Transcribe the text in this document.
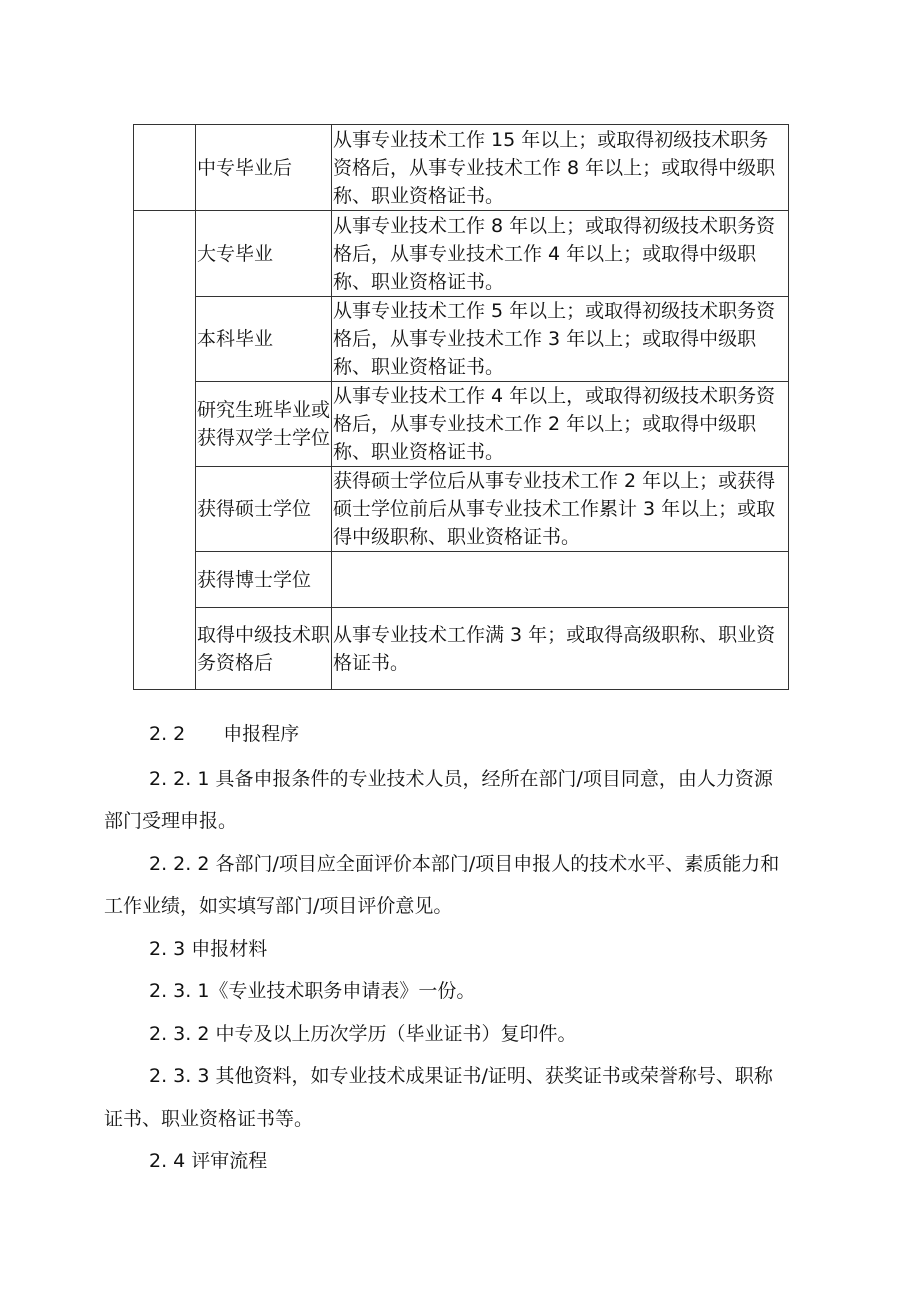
	中专毕业后	从事专业技术工作 15 年以上；或取得初级技术职务资格后，从事专业技术工作 8 年以上；或取得中级职称、职业资格证书。
	大专毕业	从事专业技术工作 8 年以上；或取得初级技术职务资格后，从事专业技术工作 4 年以上；或取得中级职称、职业资格证书。
	本科毕业	从事专业技术工作 5 年以上；或取得初级技术职务资格后，从事专业技术工作 3 年以上；或取得中级职称、职业资格证书。
	研究生班毕业或获得双学士学位	从事专业技术工作 4 年以上，或取得初级技术职务资格后，从事专业技术工作 2 年以上；或取得中级职称、职业资格证书。
	获得硕士学位	获得硕士学位后从事专业技术工作 2 年以上；或获得硕士学位前后从事专业技术工作累计 3 年以上；或取得中级职称、职业资格证书。
	获得博士学位	
	取得中级技术职务资格后	从事专业技术工作满 3 年；或取得高级职称、职业资格证书。
2. 2　　申报程序
2. 2. 1 具备申报条件的专业技术人员，经所在部门/项目同意，由人力资源
部门受理申报。
2. 2. 2 各部门/项目应全面评价本部门/项目申报人的技术水平、素质能力和
工作业绩，如实填写部门/项目评价意见。
2. 3 申报材料
2. 3. 1《专业技术职务申请表》一份。
2. 3. 2 中专及以上历次学历（毕业证书）复印件。
2. 3. 3 其他资料，如专业技术成果证书/证明、获奖证书或荣誉称号、职称
证书、职业资格证书等。
2. 4 评审流程
